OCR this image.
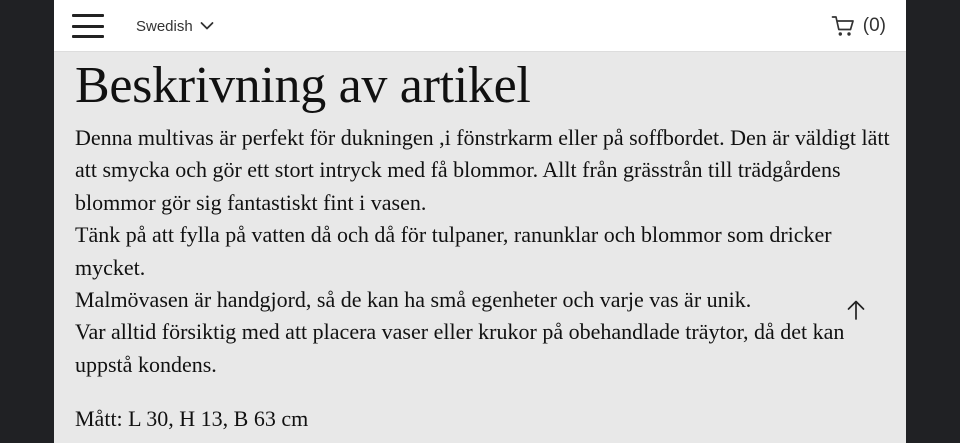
Swedish	(0)
Beskrivning av artikel

Denna multivas är perfekt för dukningen ,i fönstrkarm eller på soffbordet. Den är väldigt lätt att smycka och gör ett stort intryck med få blommor. Allt från grässtrån till trädgårdens blommor gör sig fantastiskt fint i vasen.

Tänk på att fylla på vatten då och då för tulpaner, ranunklar och blommor som dricker mycket.

Malmövasen är handgjord, så de kan ha små egenheter och varje vas är unik.

Var alltid försiktig med att placera vaser eller krukor på obehandlade träytor, då det kan uppstå kondens.

Mått: L 30, H 13, B 63 cm
